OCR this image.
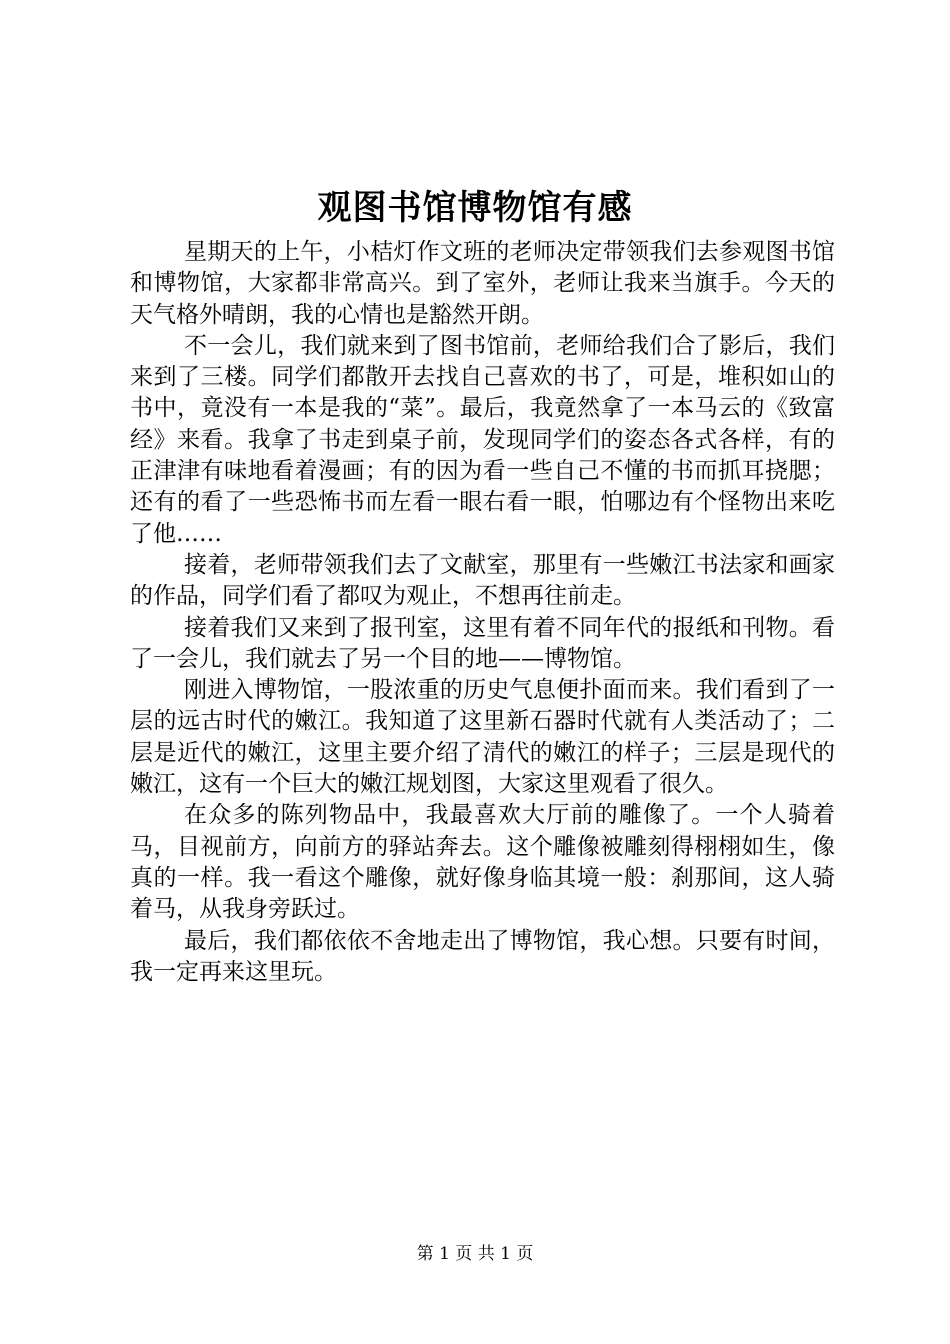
观图书馆博物馆有感

星期天的上午，小桔灯作文班的老师决定带领我们去参观图书馆和博物馆，大家都非常高兴。到了室外，老师让我来当旗手。今天的天气格外晴朗，我的心情也是豁然开朗。

不一会儿，我们就来到了图书馆前，老师给我们合了影后，我们来到了三楼。同学们都散开去找自己喜欢的书了，可是，堆积如山的书中，竟没有一本是我的“菜”。最后，我竟然拿了一本马云的《致富经》来看。我拿了书走到桌子前，发现同学们的姿态各式各样，有的正津津有味地看着漫画；有的因为看一些自己不懂的书而抓耳挠腮；还有的看了一些恐怖书而左看一眼右看一眼，怕哪边有个怪物出来吃了他……

接着，老师带领我们去了文献室，那里有一些嫩江书法家和画家的作品，同学们看了都叹为观止，不想再往前走。

接着我们又来到了报刊室，这里有着不同年代的报纸和刊物。看了一会儿，我们就去了另一个目的地——博物馆。

刚进入博物馆，一股浓重的历史气息便扑面而来。我们看到了一层的远古时代的嫩江。我知道了这里新石器时代就有人类活动了；二层是近代的嫩江，这里主要介绍了清代的嫩江的样子；三层是现代的嫩江，这有一个巨大的嫩江规划图，大家这里观看了很久。

在众多的陈列物品中，我最喜欢大厅前的雕像了。一个人骑着马，目视前方，向前方的驿站奔去。这个雕像被雕刻得栩栩如生，像真的一样。我一看这个雕像，就好像身临其境一般：刹那间，这人骑着马，从我身旁跃过。

最后，我们都依依不舍地走出了博物馆，我心想。只要有时间，我一定再来这里玩。

第 1 页 共 1 页
